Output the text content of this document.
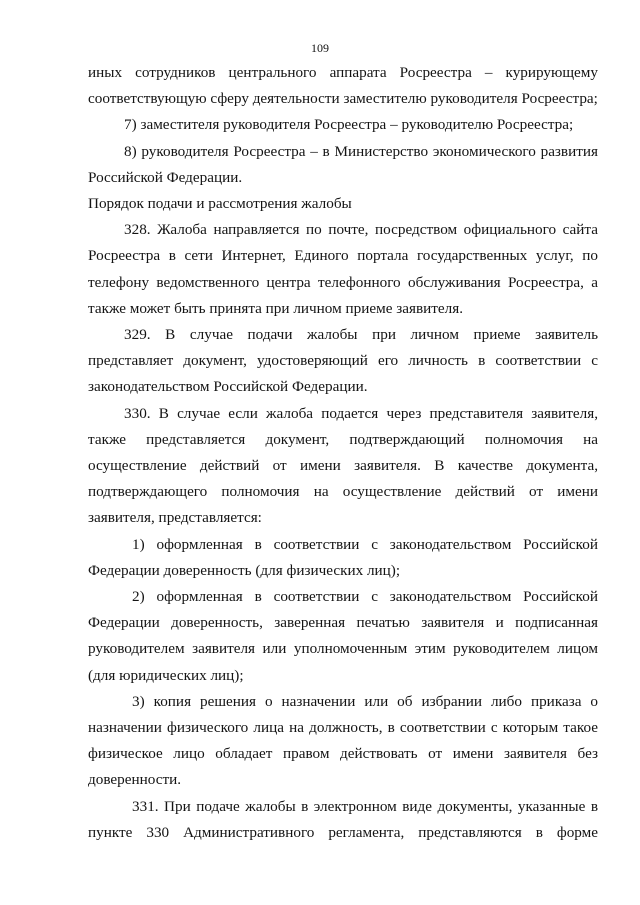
109

иных сотрудников центрального аппарата Росреестра – курирующему соответствующую сферу деятельности заместителю руководителя Росреестра;

7) заместителя руководителя Росреестра – руководителю Росреестра;

8) руководителя Росреестра – в Министерство экономического развития Российской Федерации.

Порядок подачи и рассмотрения жалобы

328. Жалоба направляется по почте, посредством официального сайта Росреестра в сети Интернет, Единого портала государственных услуг, по телефону ведомственного центра телефонного обслуживания Росреестра, а также может быть принята при личном приеме заявителя.

329. В случае подачи жалобы при личном приеме заявитель представляет документ, удостоверяющий его личность в соответствии с законодательством Российской Федерации.

330. В случае если жалоба подается через представителя заявителя, также представляется документ, подтверждающий полномочия на осуществление действий от имени заявителя. В качестве документа, подтверждающего полномочия на осуществление действий от имени заявителя, представляется:

1) оформленная в соответствии с законодательством Российской Федерации доверенность (для физических лиц);

2) оформленная в соответствии с законодательством Российской Федерации доверенность, заверенная печатью заявителя и подписанная руководителем заявителя или уполномоченным этим руководителем лицом (для юридических лиц);

3) копия решения о назначении или об избрании либо приказа о назначении физического лица на должность, в соответствии с которым такое физическое лицо обладает правом действовать от имени заявителя без доверенности.

331. При подаче жалобы в электронном виде документы, указанные в пункте 330 Административного регламента, представляются в форме
